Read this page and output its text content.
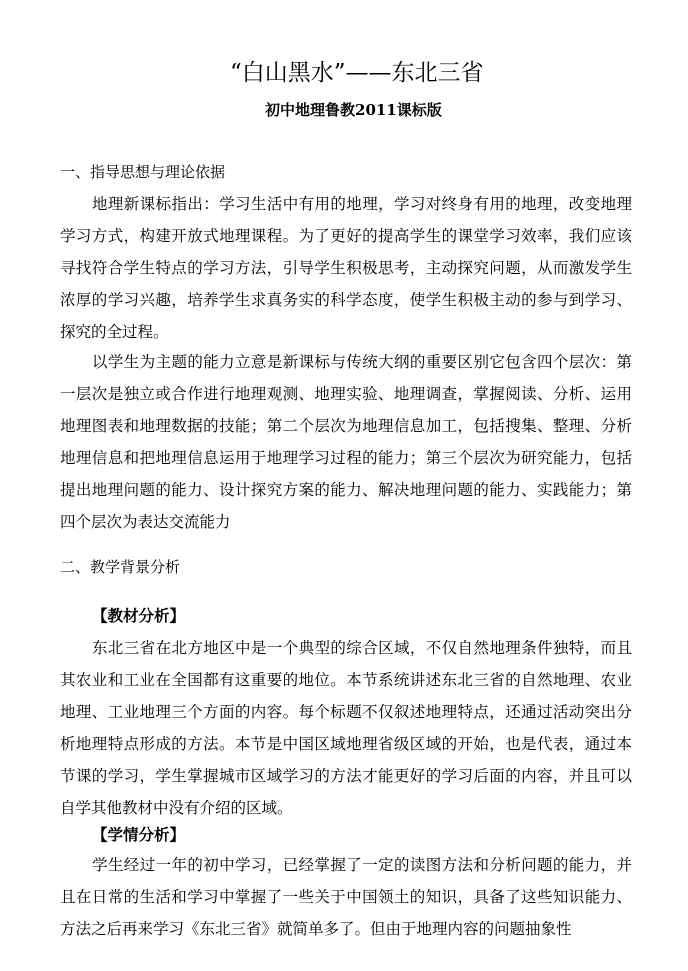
“白山黑水”——东北三省
初中地理鲁教2011课标版
一、指导思想与理论依据
地理新课标指出：学习生活中有用的地理，学习对终身有用的地理，改变地理学习方式，构建开放式地理课程。为了更好的提高学生的课堂学习效率，我们应该寻找符合学生特点的学习方法，引导学生积极思考，主动探究问题，从而激发学生浓厚的学习兴趣，培养学生求真务实的科学态度，使学生积极主动的参与到学习、探究的全过程。
以学生为主题的能力立意是新课标与传统大纲的重要区别它包含四个层次：第一层次是独立或合作进行地理观测、地理实验、地理调查，掌握阅读、分析、运用地理图表和地理数据的技能；第二个层次为地理信息加工，包括搜集、整理、分析地理信息和把地理信息运用于地理学习过程的能力；第三个层次为研究能力，包括提出地理问题的能力、设计探究方案的能力、解决地理问题的能力、实践能力；第四个层次为表达交流能力
二、教学背景分析
【教材分析】
东北三省在北方地区中是一个典型的综合区域，不仅自然地理条件独特，而且其农业和工业在全国都有这重要的地位。本节系统讲述东北三省的自然地理、农业地理、工业地理三个方面的内容。每个标题不仅叙述地理特点，还通过活动突出分析地理特点形成的方法。本节是中国区域地理省级区域的开始，也是代表，通过本节课的学习，学生掌握城市区域学习的方法才能更好的学习后面的内容，并且可以自学其他教材中没有介绍的区域。
【学情分析】
学生经过一年的初中学习，已经掌握了一定的读图方法和分析问题的能力，并且在日常的生活和学习中掌握了一些关于中国领土的知识，具备了这些知识能力、方法之后再来学习《东北三省》就简单多了。但由于地理内容的问题抽象性
